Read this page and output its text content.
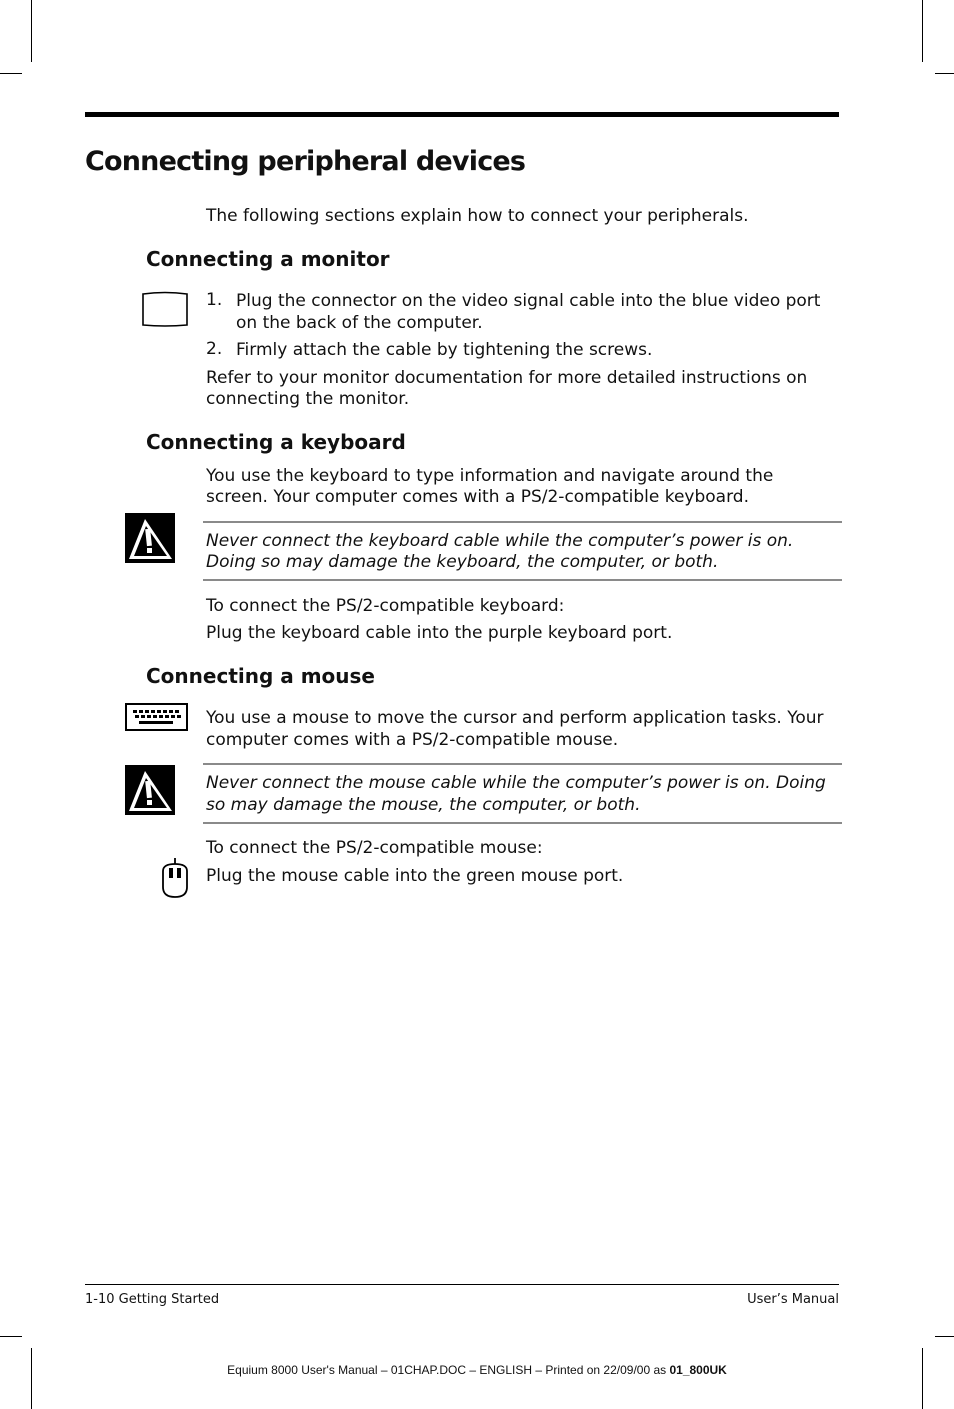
Connecting peripheral devices
The following sections explain how to connect your peripherals.
Connecting a monitor
1. Plug the connector on the video signal cable into the blue video port
on the back of the computer.
2. Firmly attach the cable by tightening the screws.
Refer to your monitor documentation for more detailed instructions on
connecting the monitor.
Connecting a keyboard
You use the keyboard to type information and navigate around the
screen. Your computer comes with a PS/2-compatible keyboard.
Never connect the keyboard cable while the computer’s power is on.
Doing so may damage the keyboard, the computer, or both.
To connect the PS/2-compatible keyboard:
Plug the keyboard cable into the purple keyboard port.
Connecting a mouse
You use a mouse to move the cursor and perform application tasks. Your
computer comes with a PS/2-compatible mouse.
Never connect the mouse cable while the computer’s power is on. Doing
so may damage the mouse, the computer, or both.
To connect the PS/2-compatible mouse:
Plug the mouse cable into the green mouse port.
1-10 Getting Started	User’s Manual
Equium 8000 User's Manual – 01CHAP.DOC – ENGLISH – Printed on 22/09/00 as 01_800UK
